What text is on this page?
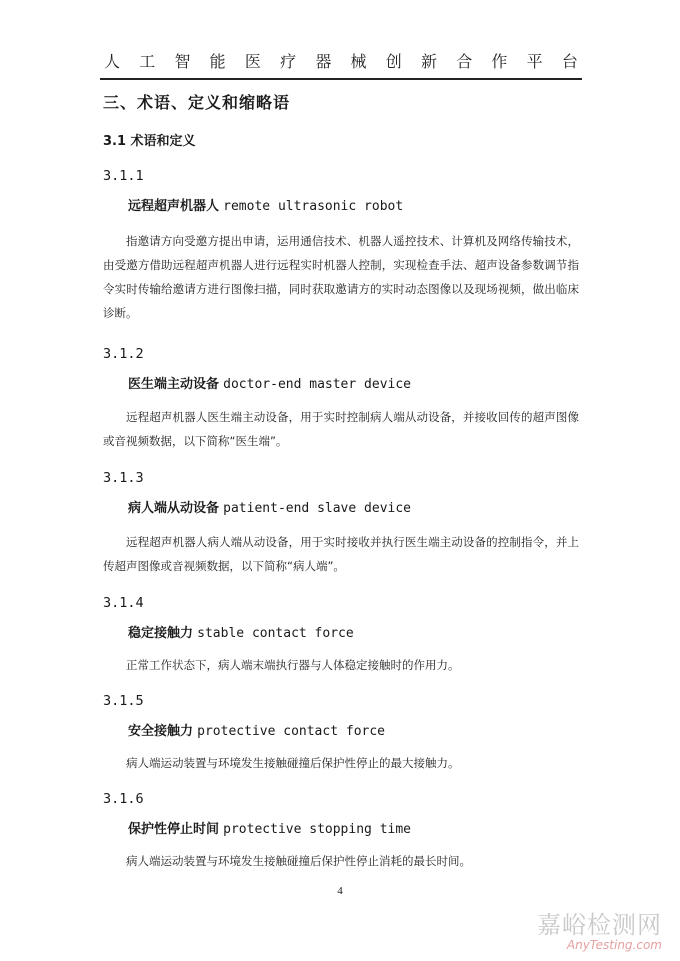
人 工 智 能 医 疗 器 械 创 新 合 作 平 台
三、术语、定义和缩略语
3.1 术语和定义
3.1.1
远程超声机器人 remote ultrasonic robot
指邀请方向受邀方提出申请，运用通信技术、机器人遥控技术、计算机及网络传输技术，由受邀方借助远程超声机器人进行远程实时机器人控制，实现检查手法、超声设备参数调节指令实时传输给邀请方进行图像扫描，同时获取邀请方的实时动态图像以及现场视频，做出临床诊断。
3.1.2
医生端主动设备 doctor-end master device
远程超声机器人医生端主动设备，用于实时控制病人端从动设备，并接收回传的超声图像或音视频数据，以下简称“医生端”。
3.1.3
病人端从动设备 patient-end slave device
远程超声机器人病人端从动设备，用于实时接收并执行医生端主动设备的控制指令，并上传超声图像或音视频数据，以下简称“病人端”。
3.1.4
稳定接触力 stable contact force
正常工作状态下，病人端末端执行器与人体稳定接触时的作用力。
3.1.5
安全接触力 protective contact force
病人端运动装置与环境发生接触碰撞后保护性停止的最大接触力。
3.1.6
保护性停止时间 protective stopping time
病人端运动装置与环境发生接触碰撞后保护性停止消耗的最长时间。
4
嘉峪检测网
AnyTesting.com
